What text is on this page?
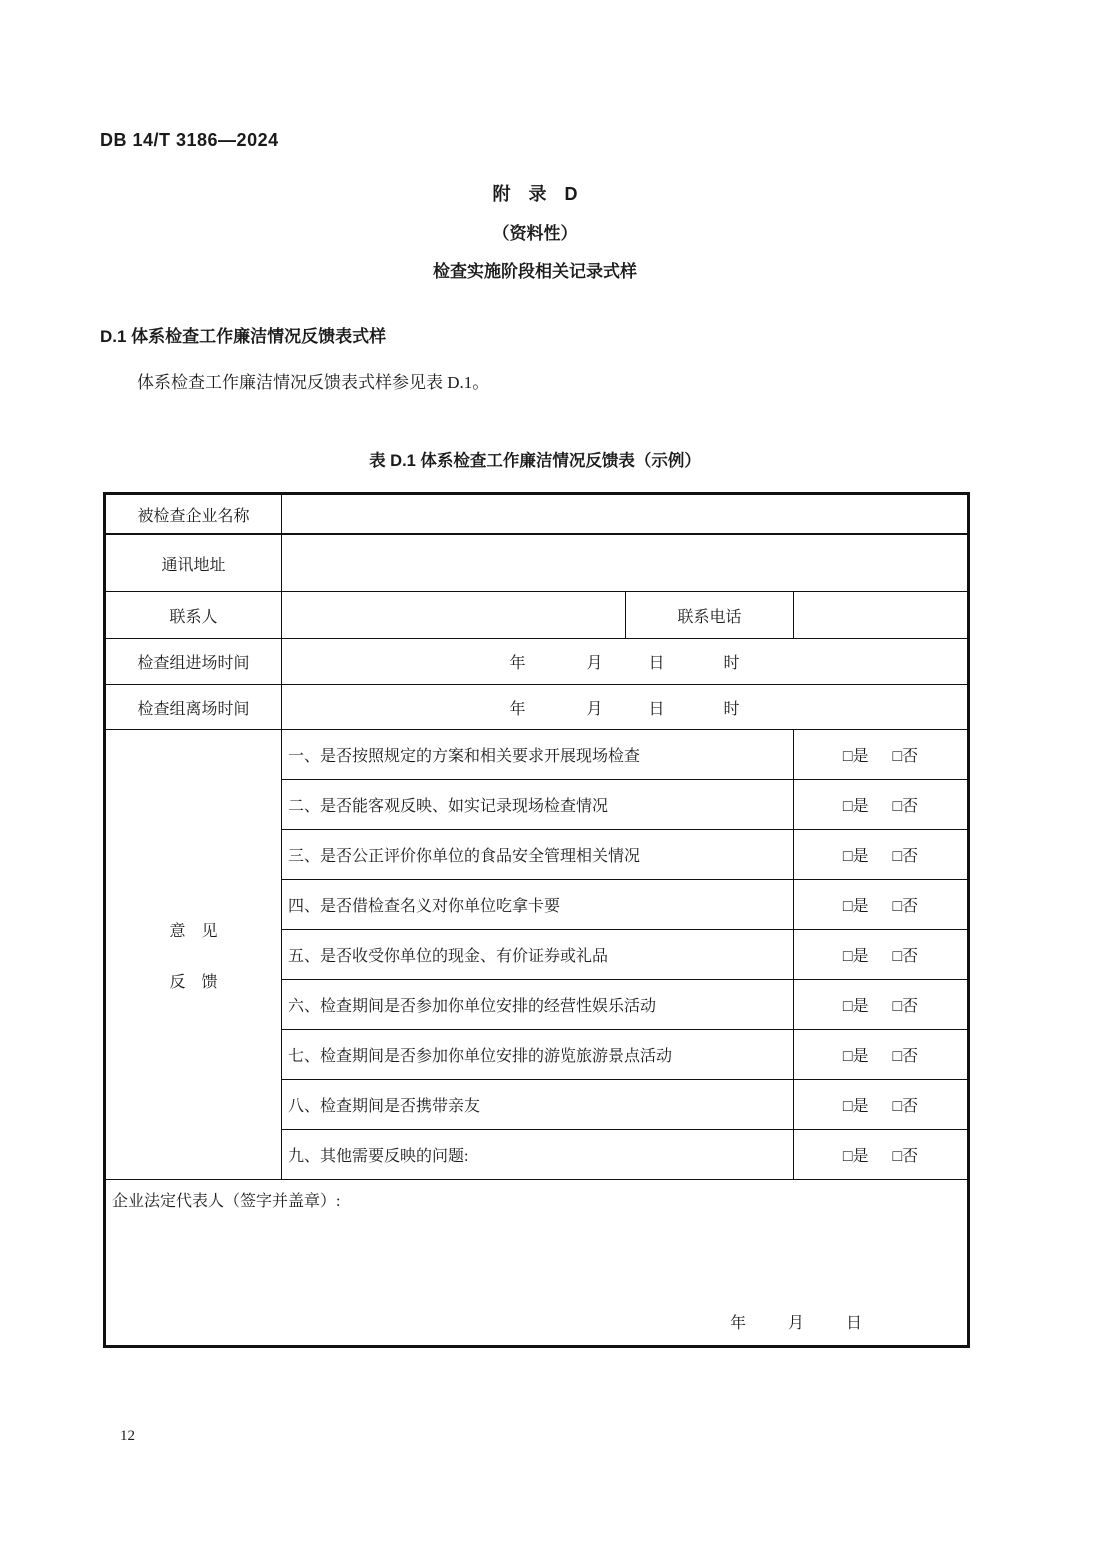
DB 14/T 3186—2024
附　录　D
（资料性）
检查实施阶段相关记录式样
D.1 体系检查工作廉洁情况反馈表式样
体系检查工作廉洁情况反馈表式样参见表 D.1。
表 D.1 体系检查工作廉洁情况反馈表（示例）
被检查企业名称
通讯地址
联系人	联系电话
检查组进场时间	年	月	日	时
检查组离场时间	年	月	日	时
意　见
反　馈
一、是否按照规定的方案和相关要求开展现场检查	□是 □否
二、是否能客观反映、如实记录现场检查情况	□是 □否
三、是否公正评价你单位的食品安全管理相关情况	□是 □否
四、是否借检查名义对你单位吃拿卡要	□是 □否
五、是否收受你单位的现金、有价证券或礼品	□是 □否
六、检查期间是否参加你单位安排的经营性娱乐活动	□是 □否
七、检查期间是否参加你单位安排的游览旅游景点活动	□是 □否
八、检查期间是否携带亲友	□是 □否
九、其他需要反映的问题:	□是 □否
企业法定代表人（签字并盖章）:
年	月	日
12
